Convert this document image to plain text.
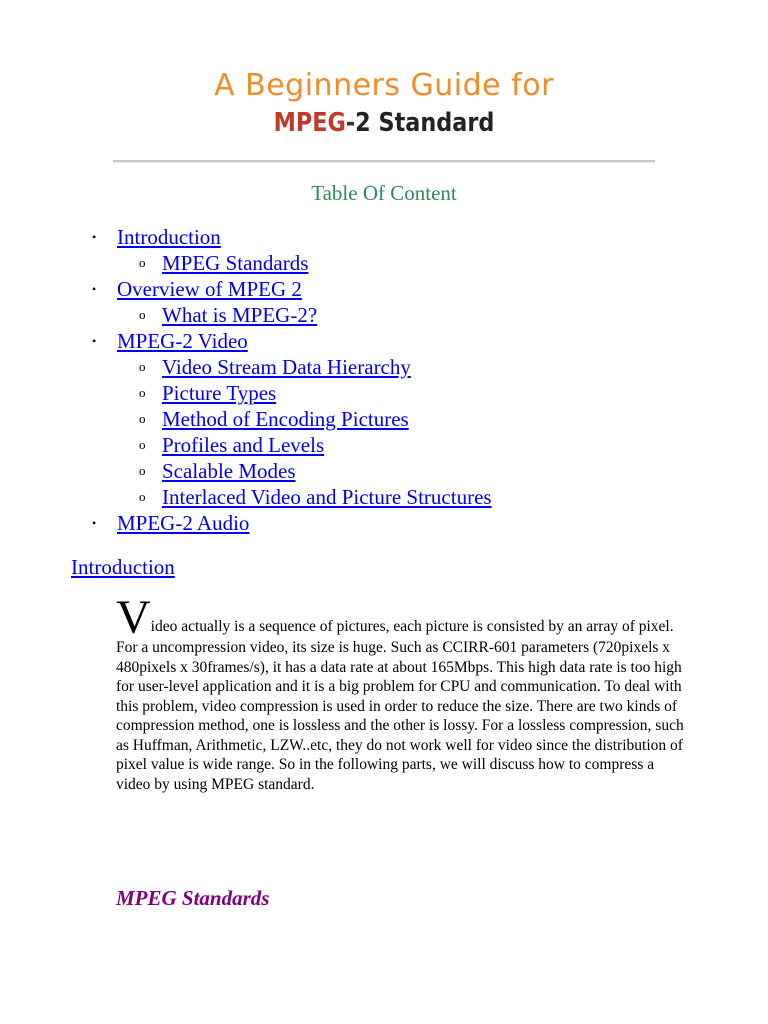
A Beginners Guide for
MPEG-2 Standard
Table Of Content
• Introduction
o MPEG Standards
• Overview of MPEG 2
o What is MPEG-2?
• MPEG-2 Video
o Video Stream Data Hierarchy
o Picture Types
o Method of Encoding Pictures
o Profiles and Levels
o Scalable Modes
o Interlaced Video and Picture Structures
• MPEG-2 Audio
Introduction

Video actually is a sequence of pictures, each picture is consisted by an array of pixel. For a uncompression video, its size is huge. Such as CCIRR-601 parameters (720pixels x 480pixels x 30frames/s), it has a data rate at about 165Mbps. This high data rate is too high for user-level application and it is a big problem for CPU and communication. To deal with this problem, video compression is used in order to reduce the size. There are two kinds of compression method, one is lossless and the other is lossy. For a lossless compression, such as Huffman, Arithmetic, LZW..etc, they do not work well for video since the distribution of pixel value is wide range. So in the following parts, we will discuss how to compress a video by using MPEG standard.

MPEG Standards
